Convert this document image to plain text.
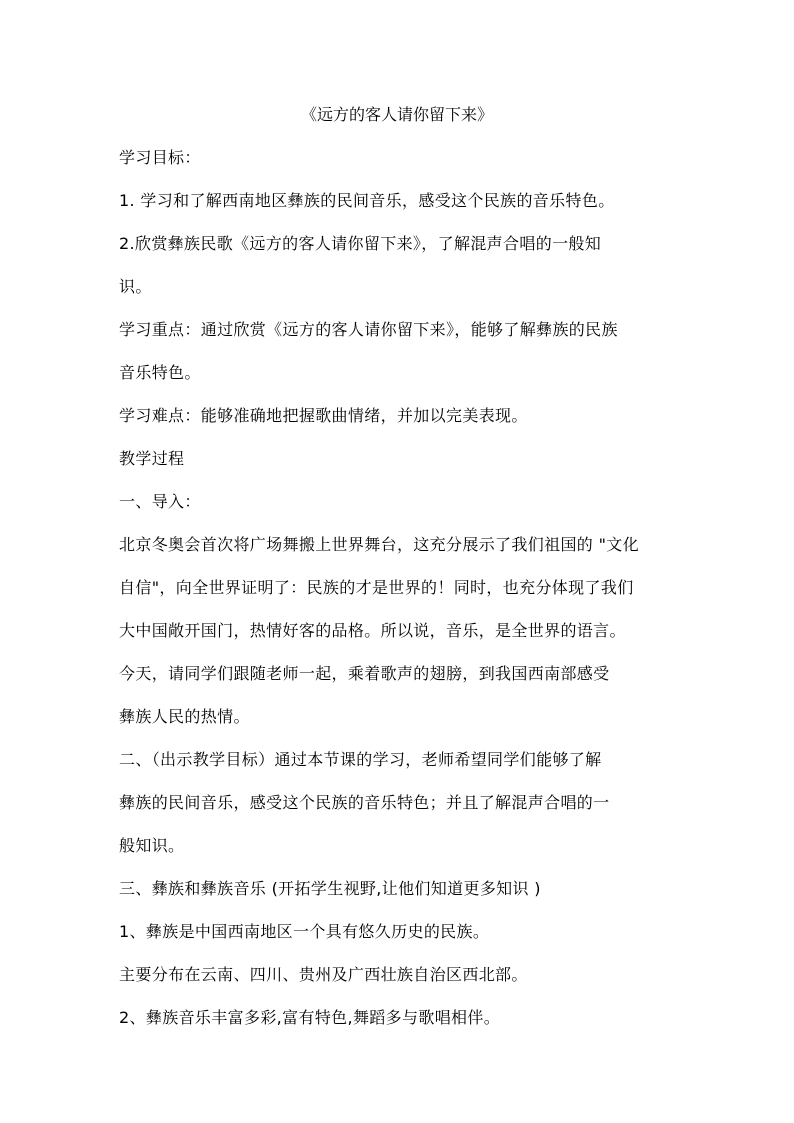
《远方的客人请你留下来》
学习目标：
1. 学习和了解西南地区彝族的民间音乐，感受这个民族的音乐特色。
2.欣赏彝族民歌《远方的客人请你留下来》，了解混声合唱的一般知
识。
学习重点：通过欣赏《远方的客人请你留下来》，能够了解彝族的民族
音乐特色。
学习难点：能够准确地把握歌曲情绪，并加以完美表现。
教学过程
一、导入：
北京冬奥会首次将广场舞搬上世界舞台，这充分展示了我们祖国的 "文化
自信"，向全世界证明了：民族的才是世界的！同时，也充分体现了我们
大中国敞开国门，热情好客的品格。所以说，音乐，是全世界的语言。
今天，请同学们跟随老师一起，乘着歌声的翅膀，到我国西南部感受
彝族人民的热情。
二、（出示教学目标）通过本节课的学习，老师希望同学们能够了解
彝族的民间音乐，感受这个民族的音乐特色；并且了解混声合唱的一
般知识。
三、彝族和彝族音乐 (开拓学生视野,让他们知道更多知识 )
1、彝族是中国西南地区一个具有悠久历史的民族。
主要分布在云南、四川、贵州及广西壮族自治区西北部。
2、彝族音乐丰富多彩,富有特色,舞蹈多与歌唱相伴。
